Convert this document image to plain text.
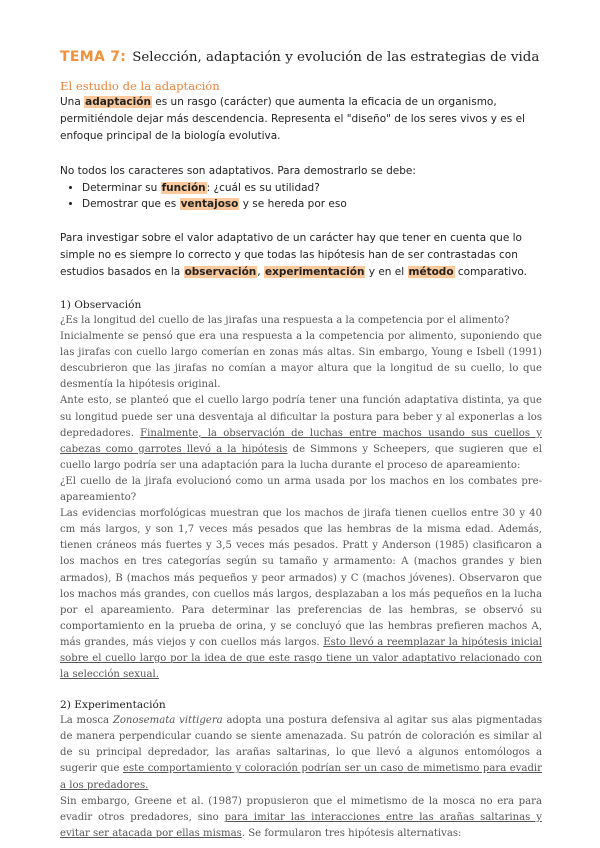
TEMA 7: Selección, adaptación y evolución de las estrategias de vida

El estudio de la adaptación

Una adaptación es un rasgo (carácter) que aumenta la eficacia de un organismo, permitiéndole dejar más descendencia. Representa el "diseño" de los seres vivos y es el enfoque principal de la biología evolutiva.

No todos los caracteres son adaptativos. Para demostrarlo se debe:

• Determinar su función: ¿cuál es su utilidad?
• Demostrar que es ventajoso y se hereda por eso

Para investigar sobre el valor adaptativo de un carácter hay que tener en cuenta que lo simple no es siempre lo correcto y que todas las hipótesis han de ser contrastadas con estudios basados en la observación, experimentación y en el método comparativo.

1) Observación

¿Es la longitud del cuello de las jirafas una respuesta a la competencia por el alimento?

Inicialmente se pensó que era una respuesta a la competencia por alimento, suponiendo que las jirafas con cuello largo comerían en zonas más altas. Sin embargo, Young e Isbell (1991) descubrieron que las jirafas no comían a mayor altura que la longitud de su cuello, lo que desmentía la hipótesis original.

Ante esto, se planteó que el cuello largo podría tener una función adaptativa distinta, ya que su longitud puede ser una desventaja al dificultar la postura para beber y al exponerlas a los depredadores. Finalmente, la observación de luchas entre machos usando sus cuellos y cabezas como garrotes llevó a la hipótesis de Simmons y Scheepers, que sugieren que el cuello largo podría ser una adaptación para la lucha durante el proceso de apareamiento:

¿El cuello de la jirafa evolucionó como un arma usada por los machos en los combates pre-apareamiento?

Las evidencias morfológicas muestran que los machos de jirafa tienen cuellos entre 30 y 40 cm más largos, y son 1,7 veces más pesados que las hembras de la misma edad. Además, tienen cráneos más fuertes y 3,5 veces más pesados. Pratt y Anderson (1985) clasificaron a los machos en tres categorías según su tamaño y armamento: A (machos grandes y bien armados), B (machos más pequeños y peor armados) y C (machos jóvenes). Observaron que los machos más grandes, con cuellos más largos, desplazaban a los más pequeños en la lucha por el apareamiento. Para determinar las preferencias de las hembras, se observó su comportamiento en la prueba de orina, y se concluyó que las hembras prefieren machos A, más grandes, más viejos y con cuellos más largos. Esto llevó a reemplazar la hipótesis inicial sobre el cuello largo por la idea de que este rasgo tiene un valor adaptativo relacionado con la selección sexual.

2) Experimentación

La mosca Zonosemata vittigera adopta una postura defensiva al agitar sus alas pigmentadas de manera perpendicular cuando se siente amenazada. Su patrón de coloración es similar al de su principal depredador, las arañas saltarinas, lo que llevó a algunos entomólogos a sugerir que este comportamiento y coloración podrían ser un caso de mimetismo para evadir a los predadores.

Sin embargo, Greene et al. (1987) propusieron que el mimetismo de la mosca no era para evadir otros predadores, sino para imitar las interacciones entre las arañas saltarinas y evitar ser atacada por ellas mismas. Se formularon tres hipótesis alternativas:
